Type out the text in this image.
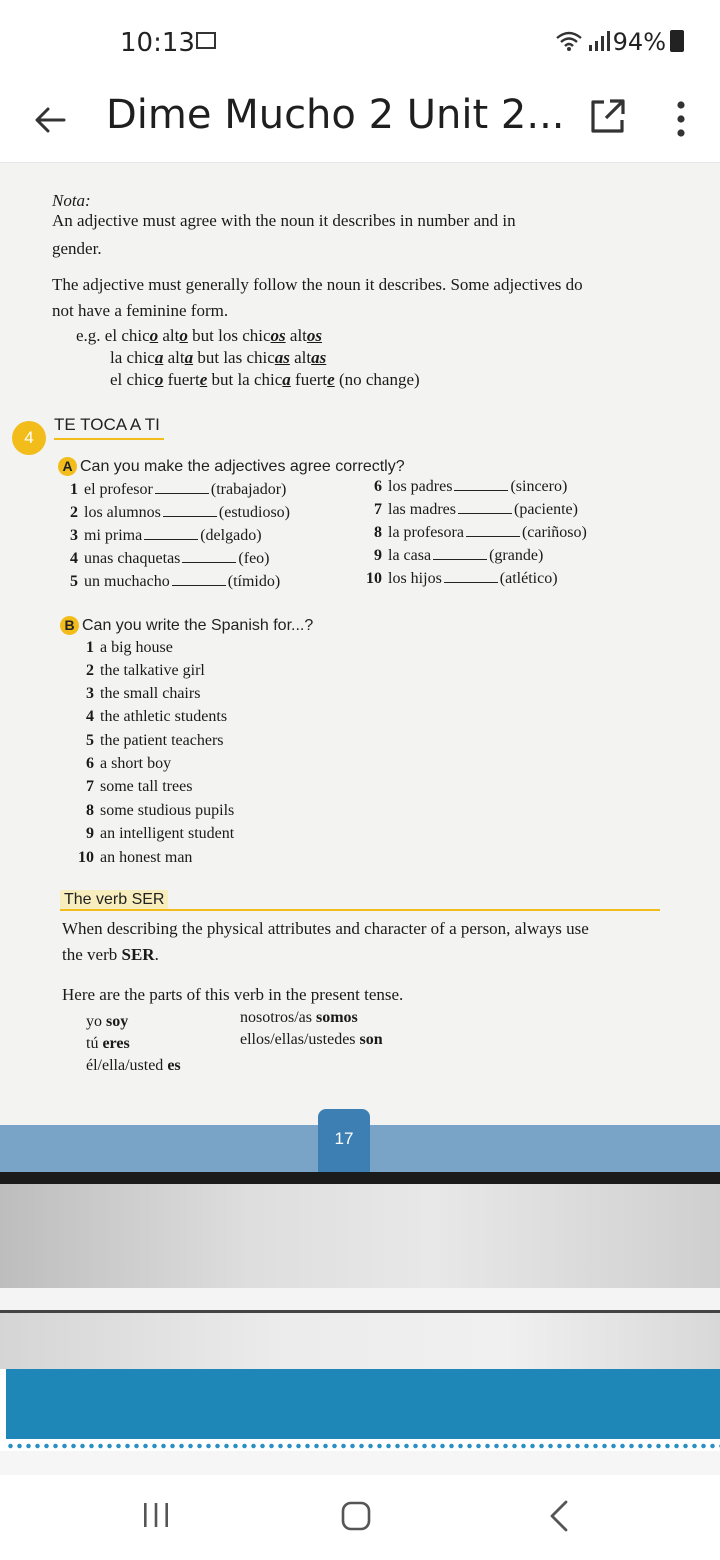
10:13	94%
Dime Mucho 2 Unit 2...
Nota:
An adjective must agree with the noun it describes in number and in
gender.
The adjective must generally follow the noun it describes. Some adjectives do
not have a feminine form.
e.g. el chico alto but los chicos altos
la chica alta but las chicas altas
el chico fuerte but la chica fuerte (no change)
4
TE TOCA A TI
A Can you make the adjectives agree correctly?
1 el profesor	(trabajador)
2 los alumnos	(estudioso)
3 mi prima	(delgado)
4 unas chaquetas	(feo)
5 un muchacho	(tímido)
6 los padres	(sincero)
7 las madres	(paciente)
8 la profesora	(cariñoso)
9 la casa	(grande)
10 los hijos	(atlético)
B Can you write the Spanish for...?
1 a big house
2 the talkative girl
3 the small chairs
4 the athletic students
5 the patient teachers
6 a short boy
7 some tall trees
8 some studious pupils
9 an intelligent student
10 an honest man
The verb SER
When describing the physical attributes and character of a person, always use
the verb SER.
Here are the parts of this verb in the present tense.
yo soy
tú eres
él/ella/usted es
nosotros/as somos
ellos/ellas/ustedes son
17
